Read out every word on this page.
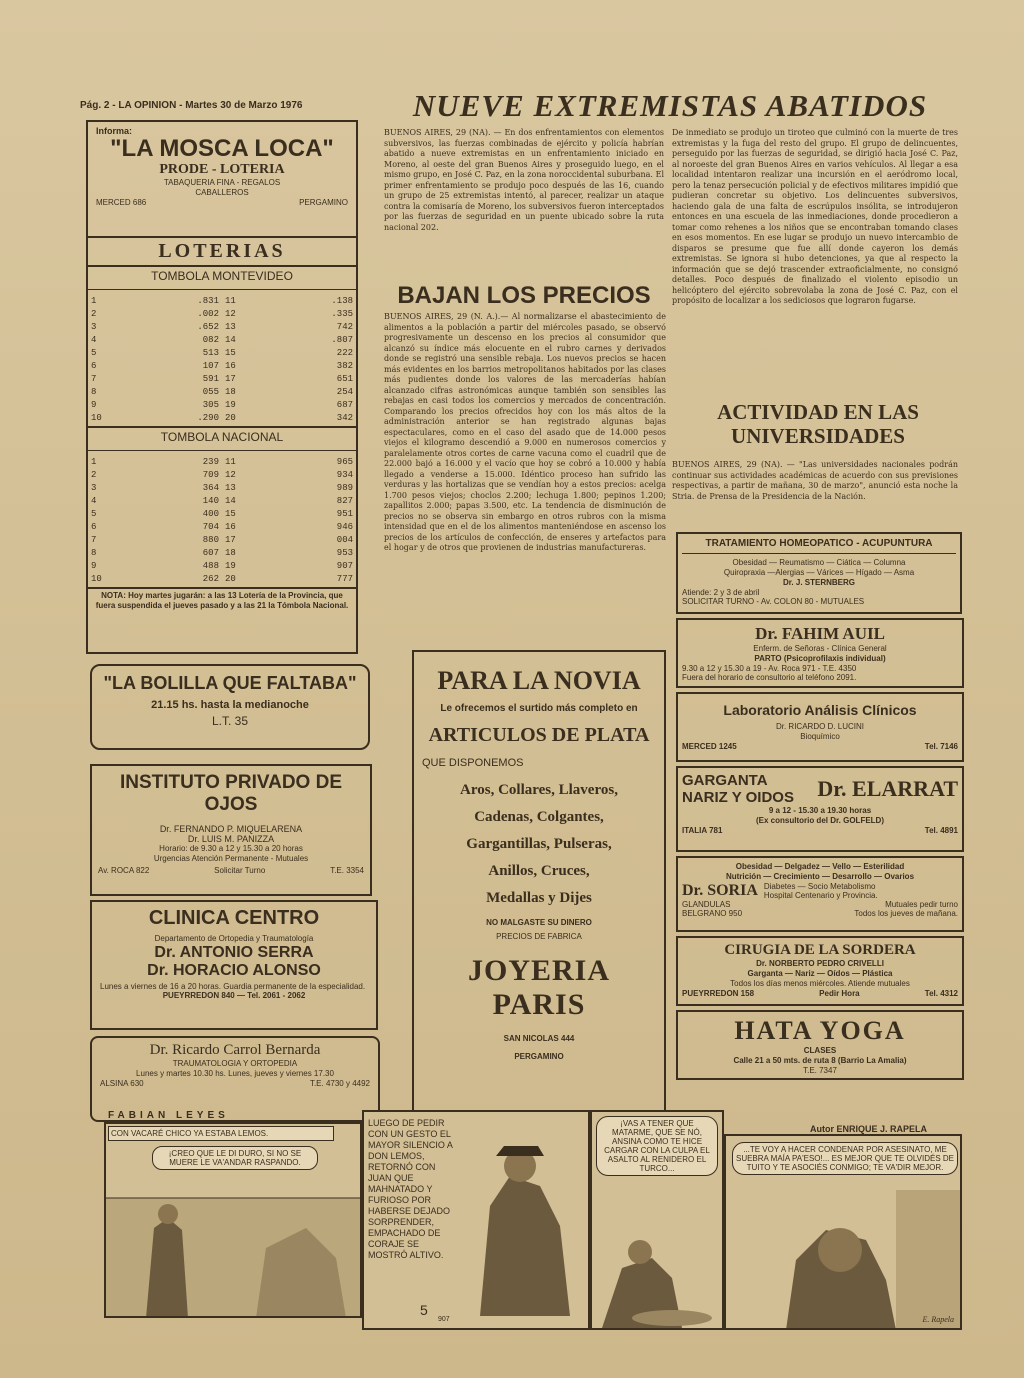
Pág. 2 - LA OPINION - Martes 30 de Marzo 1976
Informa:
"LA MOSCA LOCA"
PRODE - LOTERIA
TABAQUERIA FINA - REGALOS
CABALLEROS
MERCED 686	PERGAMINO
LOTERIAS
TOMBOLA MONTEVIDEO
1	.831	11	.138
2	.002	12	.335
3	.652	13	742
4	082	14	.807
5	513	15	222
6	107	16	382
7	591	17	651
8	055	18	254
9	305	19	687
10	.290	20	342
TOMBOLA NACIONAL
1	239	11	965
2	709	12	934
3	364	13	989
4	140	14	827
5	400	15	951
6	704	16	946
7	880	17	004
8	607	18	953
9	488	19	907
10	262	20	777
NOTA: Hoy martes jugarán: a las 13 Lotería de la Provincia, que fuera suspendida el jueves pasado y a las 21 la Tómbola Nacional.
"LA BOLILLA QUE FALTABA"
21.15 hs. hasta la medianoche
L.T. 35
INSTITUTO PRIVADO DE OJOS
Dr. FERNANDO P. MIQUELARENA
Dr. LUIS M. PANIZZA
Horario: de 9.30 a 12 y 15.30 a 20 horas
Urgencias Atención Permanente - Mutuales
Av. ROCA 822	Solicitar Turno	T.E. 3354
CLINICA CENTRO
Departamento de Ortopedia y Traumatología
Dr. ANTONIO SERRA
Dr. HORACIO ALONSO
Lunes a viernes de 16 a 20 horas. Guardia permanente de la especialidad.
PUEYRREDON 840 — Tel. 2061 - 2062
Dr. Ricardo Carrol Bernarda
TRAUMATOLOGIA Y ORTOPEDIA
Lunes y martes 10.30 hs. Lunes, jueves y viernes 17.30
ALSINA 630	T.E. 4730 y 4492
NUEVE EXTREMISTAS ABATIDOS
BUENOS AIRES, 29 (NA). — En dos enfrentamientos con elementos subversivos, las fuerzas combinadas de ejército y policía habrían abatido a nueve extremistas en un enfrentamiento iniciado en Moreno, al oeste del gran Buenos Aires y proseguido luego, en el mismo grupo, en José C. Paz, en la zona noroccidental suburbana. El primer enfrentamiento se produjo poco después de las 16, cuando un grupo de 25 extremistas intentó, al parecer, realizar un ataque contra la comisaría de Moreno, los subversivos fueron interceptados por las fuerzas de seguridad en un puente ubicado sobre la ruta nacional 202.
De inmediato se produjo un tiroteo que culminó con la muerte de tres extremistas y la fuga del resto del grupo. El grupo de delincuentes, perseguido por las fuerzas de seguridad, se dirigió hacia José C. Paz, al noroeste del gran Buenos Aires en varios vehículos. Al llegar a esa localidad intentaron realizar una incursión en el aeródromo local, pero la tenaz persecución policial y de efectivos militares impidió que pudieran concretar su objetivo. Los delincuentes subversivos, haciendo gala de una falta de escrúpulos insólita, se introdujeron entonces en una escuela de las inmediaciones, donde procedieron a tomar como rehenes a los niños que se encontraban tomando clases en esos momentos. En ese lugar se produjo un nuevo intercambio de disparos se presume que fue allí donde cayeron los demás extremistas. Se ignora si hubo detenciones, ya que al respecto la información que se dejó trascender extraoficialmente, no consignó detalles. Poco después de finalizado el violento episodio un helicóptero del ejército sobrevolaba la zona de José C. Paz, con el propósito de localizar a los sediciosos que lograron fugarse.
BAJAN LOS PRECIOS
BUENOS AIRES, 29 (N. A.).— Al normalizarse el abastecimiento de alimentos a la población a partir del miércoles pasado, se observó progresivamente un descenso en los precios al consumidor que alcanzó su índice más elocuente en el rubro carnes y derivados donde se registró una sensible rebaja. Los nuevos precios se hacen más evidentes en los barrios metropolitanos habitados por las clases más pudientes donde los valores de las mercaderías habían alcanzado cifras astronómicas aunque también son sensibles las rebajas en casi todos los comercios y mercados de concentración. Comparando los precios ofrecidos hoy con los más altos de la administración anterior se han registrado algunas bajas espectaculares, como en el caso del asado que de 14.000 pesos viejos el kilogramo descendió a 9.000 en numerosos comercios y paralelamente otros cortes de carne vacuna como el cuadril que de 22.000 bajó a 16.000 y el vacío que hoy se cobró a 10.000 y había llegado a venderse a 15.000. Idéntico proceso han sufrido las verduras y las hortalizas que se vendían hoy a estos precios: acelga 1.700 pesos viejos; choclos 2.200; lechuga 1.800; pepinos 1.200; zapallitos 2.000; papas 3.500, etc. La tendencia de disminución de precios no se observa sin embargo en otros rubros con la misma intensidad que en el de los alimentos manteniéndose en ascenso los precios de los artículos de confección, de enseres y artefactos para el hogar y de otros que provienen de industrias manufactureras.
ACTIVIDAD EN LAS UNIVERSIDADES
BUENOS AIRES, 29 (NA). — "Las universidades nacionales podrán continuar sus actividades académicas de acuerdo con sus previsiones respectivas, a partir de mañana, 30 de marzo", anunció esta noche la Stria. de Prensa de la Presidencia de la Nación.
PARA LA NOVIA
Le ofrecemos el surtido más completo en
ARTICULOS DE PLATA
QUE DISPONEMOS
Aros, Collares, Llaveros,
Cadenas, Colgantes,
Gargantillas, Pulseras,
Anillos, Cruces,
Medallas y Dijes
NO MALGASTE SU DINERO
PRECIOS DE FABRICA
JOYERIA PARIS
SAN NICOLAS 444
PERGAMINO
TRATAMIENTO HOMEOPATICO - ACUPUNTURA
Obesidad — Reumatismo — Ciática — Columna
Quiropraxia —Alergias — Várices — Hígado — Asma
Dr. J. STERNBERG
Atiende: 2 y 3 de abril
SOLICITAR TURNO - Av. COLON 80 - MUTUALES
Dr. FAHIM AUIL
Enferm. de Señoras - Clínica General
PARTO (Psicoprofilaxis individual)
9.30 a 12 y 15.30 a 19 - Av. Roca 971 - T.E. 4350
Fuera del horario de consultorio al teléfono 2091.
Laboratorio Análisis Clínicos
Dr. RICARDO D. LUCINI
Bioquímico
MERCED 1245	Tel. 7146
GARGANTA
NARIZ Y OIDOS Dr. ELARRAT
9 a 12 - 15.30 a 19.30 horas
(Ex consultorio del Dr. GOLFELD)
ITALIA 781	Tel. 4891
Obesidad — Delgadez — Vello — Esterilidad
Nutrición — Crecimiento — Desarrollo — Ovarios
Dr. SORIA Diabetes — Socio Metabolismo
Hospital Centenario y Provincia.
GLANDULAS	Mutuales pedir turno
BELGRANO 950	Todos los jueves de mañana.
CIRUGIA DE LA SORDERA
Dr. NORBERTO PEDRO CRIVELLI
Garganta — Nariz — Oídos — Plástica
Todos los días menos miércoles. Atiende mutuales
PUEYRREDON 158	Pedir Hora	Tel. 4312
HATA YOGA
CLASES
Calle 21 a 50 mts. de ruta 8 (Barrio La Amalia)
T.E. 7347
FABIAN LEYES
Autor ENRIQUE J. RAPELA
CON VACARÉ CHICO YA ESTABA LEMOS.
¡CREO QUE LE DI DURO, SI NO SE MUERE LE VA'ANDAR RASPANDO.
LUEGO DE PEDIR CON UN GESTO EL MAYOR SILENCIO A DON LEMOS, RETORNÓ CON JUAN QUE MAHNATADO Y FURIOSO POR HABERSE DEJADO SORPRENDER, EMPACHADO DE CORAJE SE MOSTRÓ ALTIVO.
5
907
¡VAS A TENER QUE MATARME, QUE SE NÓ, ANSINA COMO TE HICE CARGAR CON LA CULPA EL ASALTO AL RENIDERO EL TURCO...
...TE VOY A HACER CONDENAR POR ASESINATO, ME SUEBRA MAÍA PA'ESO!... ES MEJOR QUE TE OLVIDÉS DE TUITO Y TE ASOCIÉS CONMIGO; TE VA'DIR MEJOR.
E. Rapela
